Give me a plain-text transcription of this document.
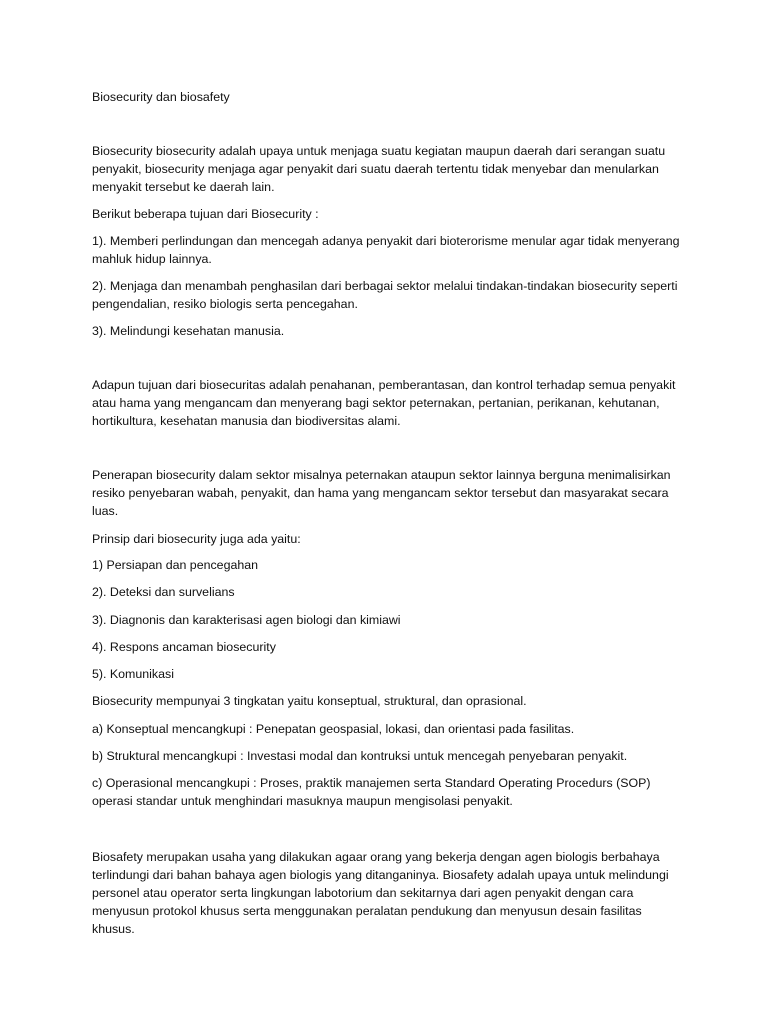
Biosecurity dan biosafety

Biosecurity biosecurity adalah upaya untuk menjaga suatu kegiatan maupun daerah dari serangan suatu penyakit, biosecurity menjaga agar penyakit dari suatu daerah tertentu tidak menyebar dan menularkan menyakit tersebut ke daerah lain.

Berikut beberapa tujuan dari Biosecurity :

1). Memberi perlindungan dan mencegah adanya penyakit dari bioterorisme menular agar tidak menyerang mahluk hidup lainnya.

2). Menjaga dan menambah penghasilan dari berbagai sektor melalui tindakan-tindakan biosecurity seperti pengendalian, resiko biologis serta pencegahan.

3). Melindungi kesehatan manusia.

Adapun tujuan dari biosecuritas adalah penahanan, pemberantasan, dan kontrol terhadap semua penyakit atau hama yang mengancam dan menyerang bagi sektor peternakan, pertanian, perikanan, kehutanan, hortikultura, kesehatan manusia dan biodiversitas alami.

Penerapan biosecurity dalam sektor misalnya peternakan ataupun sektor lainnya berguna menimalisirkan resiko penyebaran wabah, penyakit, dan hama yang mengancam sektor tersebut dan masyarakat secara luas.

Prinsip dari biosecurity juga ada yaitu:

1) Persiapan dan pencegahan

2). Deteksi dan survelians

3). Diagnonis dan karakterisasi agen biologi dan kimiawi

4). Respons ancaman biosecurity

5). Komunikasi

Biosecurity mempunyai 3 tingkatan yaitu konseptual, struktural, dan oprasional.

a) Konseptual mencangkupi : Penepatan geospasial, lokasi, dan orientasi pada fasilitas.

b) Struktural mencangkupi : Investasi modal dan kontruksi untuk mencegah penyebaran penyakit.

c) Operasional mencangkupi : Proses, praktik manajemen serta Standard Operating Procedurs (SOP) operasi standar untuk menghindari masuknya maupun mengisolasi penyakit.

Biosafety merupakan usaha yang dilakukan agaar orang yang bekerja dengan agen biologis berbahaya terlindungi dari bahan bahaya agen biologis yang ditanganinya. Biosafety adalah upaya untuk melindungi personel atau operator serta lingkungan labotorium dan sekitarnya dari agen penyakit dengan cara menyusun protokol khusus serta menggunakan peralatan pendukung dan menyusun desain fasilitas khusus.
